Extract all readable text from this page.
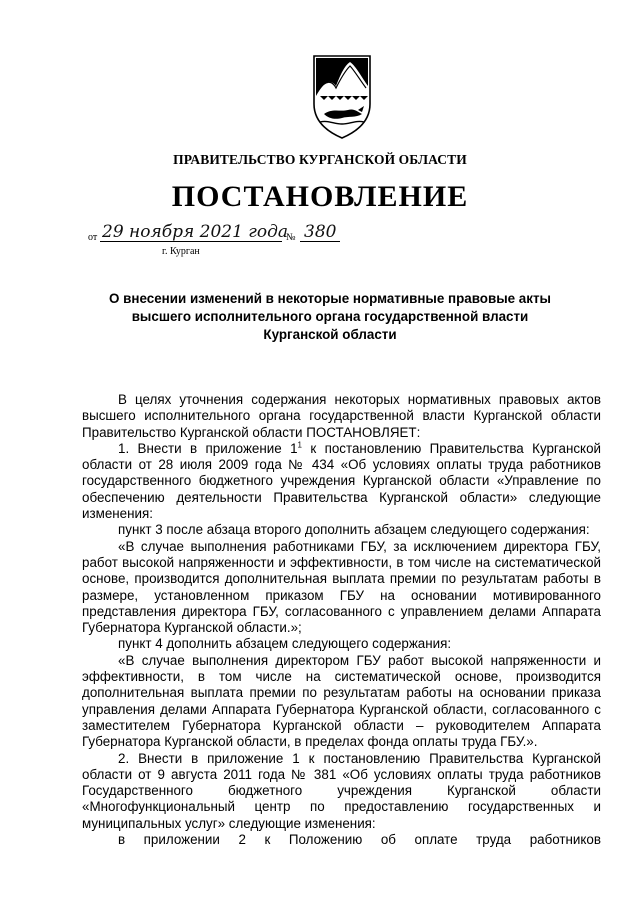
ПРАВИТЕЛЬСТВО КУРГАНСКОЙ ОБЛАСТИ
ПОСТАНОВЛЕНИЕ
от 29 ноября 2021 года
№ 380
г. Курган
О внесении изменений в некоторые нормативные правовые акты
высшего исполнительного органа государственной власти
Курганской области

В целях уточнения содержания некоторых нормативных правовых актов высшего исполнительного органа государственной власти Курганской области Правительство Курганской области ПОСТАНОВЛЯЕТ:

1. Внести в приложение $1^1$ к постановлению Правительства Курганской области от 28 июля 2009 года № 434 «Об условиях оплаты труда работников государственного бюджетного учреждения Курганской области «Управление по обеспечению деятельности Правительства Курганской области» следующие изменения:

пункт 3 после абзаца второго дополнить абзацем следующего содержания:

«В случае выполнения работниками ГБУ, за исключением директора ГБУ, работ высокой напряженности и эффективности, в том числе на систематической основе, производится дополнительная выплата премии по результатам работы в размере, установленном приказом ГБУ на основании мотивированного представления директора ГБУ, согласованного с управлением делами Аппарата Губернатора Курганской области.»;

пункт 4 дополнить абзацем следующего содержания:

«В случае выполнения директором ГБУ работ высокой напряженности и эффективности, в том числе на систематической основе, производится дополнительная выплата премии по результатам работы на основании приказа управления делами Аппарата Губернатора Курганской области, согласованного с заместителем Губернатора Курганской области – руководителем Аппарата Губернатора Курганской области, в пределах фонда оплаты труда ГБУ.».

2. Внести в приложение 1 к постановлению Правительства Курганской области от 9 августа 2011 года № 381 «Об условиях оплаты труда работников Государственного бюджетного учреждения Курганской области «Многофункциональный центр по предоставлению государственных и муниципальных услуг» следующие изменения:

в приложении 2 к Положению об оплате труда работников
